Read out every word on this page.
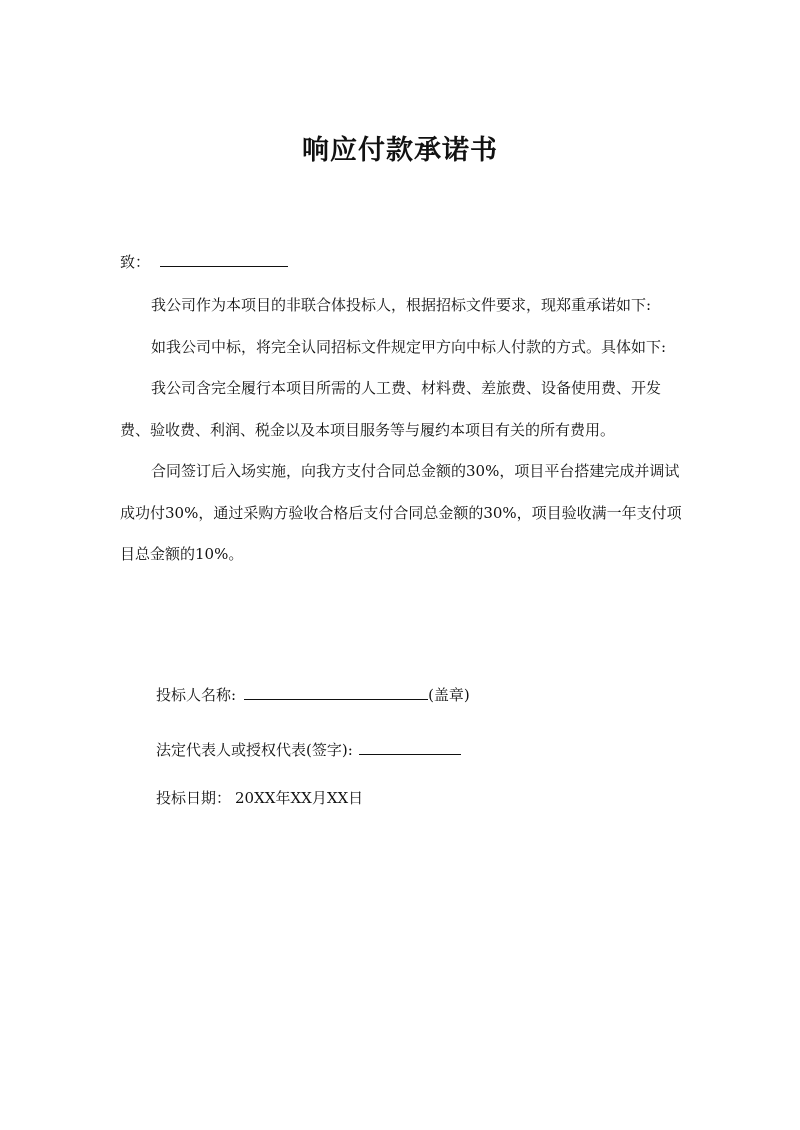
响应付款承诺书
致：

我公司作为本项目的非联合体投标人，根据招标文件要求，现郑重承诺如下:

如我公司中标，将完全认同招标文件规定甲方向中标人付款的方式。具体如下:

我公司含完全履行本项目所需的人工费、材料费、差旅费、设备使用费、开发费、验收费、利润、税金以及本项目服务等与履约本项目有关的所有费用。

合同签订后入场实施，向我方支付合同总金额的30%，项目平台搭建完成并调试成功付30%，通过采购方验收合格后支付合同总金额的30%，项目验收满一年支付项目总金额的10%。

投标人名称:	(盖章)
法定代表人或授权代表(签字):
投标日期： 20XX年XX月XX日
